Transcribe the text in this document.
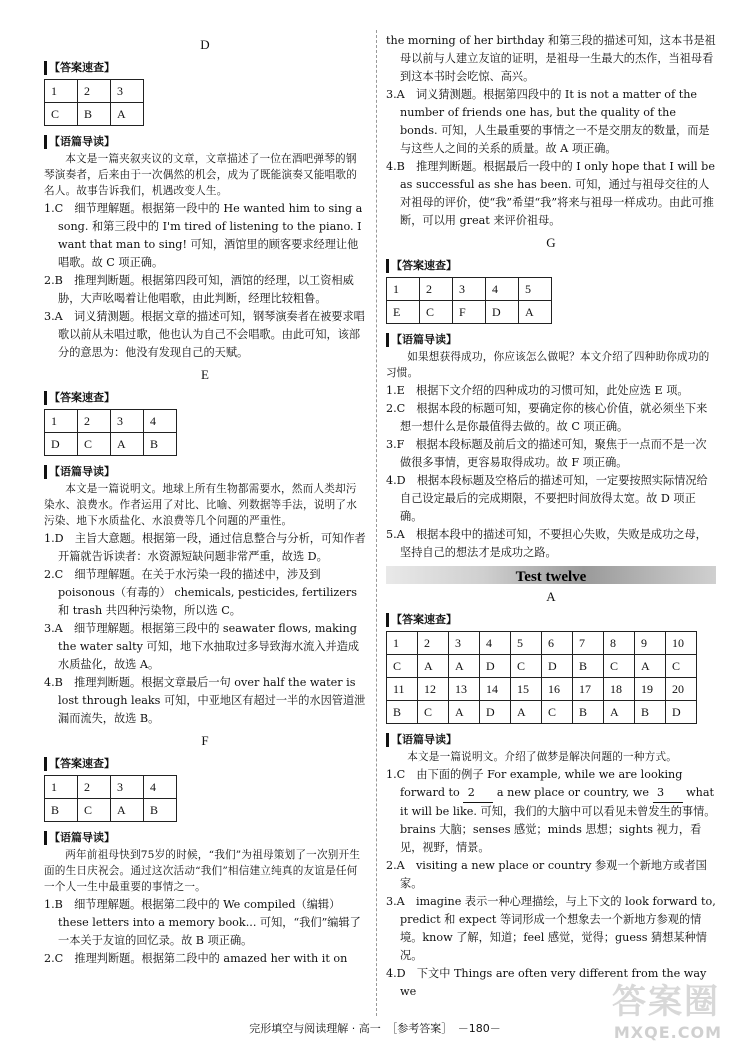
D
【答案速查】
1	2	3
C	B	A
【语篇导读】

本文是一篇夹叙夹议的文章，文章描述了一位在酒吧弹琴的钢琴演奏者，后来由于一次偶然的机会，成为了既能演奏又能唱歌的名人。故事告诉我们，机遇改变人生。

1.C　细节理解题。根据第一段中的 He wanted him to sing a song. 和第三段中的 I'm tired of listening to the piano. I want that man to sing! 可知，酒馆里的顾客要求经理让他唱歌。故 C 项正确。

2.B　推理判断题。根据第四段可知，酒馆的经理，以工资相威胁，大声吆喝着让他唱歌，由此判断，经理比较粗鲁。

3.A　词义猜测题。根据文章的描述可知，钢琴演奏者在被要求唱歌以前从未唱过歌，他也认为自己不会唱歌。由此可知，该部分的意思为：他没有发现自己的天赋。

E
【答案速查】
1	2	3	4
D	C	A	B
【语篇导读】

本文是一篇说明文。地球上所有生物都需要水，然而人类却污染水、浪费水。作者运用了对比、比喻、列数据等手法，说明了水污染、地下水质盐化、水浪费等几个问题的严重性。

1.D　主旨大意题。根据第一段，通过信息整合与分析，可知作者开篇就告诉读者：水资源短缺问题非常严重，故选 D。

2.C　细节理解题。在关于水污染一段的描述中，涉及到 poisonous（有毒的） chemicals, pesticides, fertilizers 和 trash 共四种污染物，所以选 C。

3.A　细节理解题。根据第三段中的 seawater flows, making the water salty 可知，地下水抽取过多导致海水流入并造成水质盐化，故选 A。

4.B　推理判断题。根据文章最后一句 over half the water is lost through leaks 可知，中亚地区有超过一半的水因管道泄漏而流失，故选 B。

F
【答案速查】
1	2	3	4
B	C	A	B
【语篇导读】

两年前祖母快到75岁的时候，“我们”为祖母策划了一次别开生面的生日庆祝会。通过这次活动“我们”相信建立纯真的友谊是任何一个人一生中最重要的事情之一。

1.B　细节理解题。根据第二段中的 We compiled（编辑） these letters into a memory book... 可知，“我们”编辑了一本关于友谊的回忆录。故 B 项正确。

2.C　推理判断题。根据第二段中的 amazed her with it on

the morning of her birthday 和第三段的描述可知，这本书是祖母以前与人建立友谊的证明，是祖母一生最大的杰作，当祖母看到这本书时会吃惊、高兴。

3.A　词义猜测题。根据第四段中的 It is not a matter of the number of friends one has, but the quality of the bonds. 可知，人生最重要的事情之一不是交朋友的数量，而是与这些人之间的关系的质量。故 A 项正确。

4.B　推理判断题。根据最后一段中的 I only hope that I will be as successful as she has been. 可知，通过与祖母交往的人对祖母的评价，使“我”希望“我”将来与祖母一样成功。由此可推断，可以用 great 来评价祖母。

G
【答案速查】
1	2	3	4	5
E	C	F	D	A
【语篇导读】

如果想获得成功，你应该怎么做呢？本文介绍了四种助你成功的习惯。

1.E　根据下文介绍的四种成功的习惯可知，此处应选 E 项。

2.C　根据本段的标题可知，要确定你的核心价值，就必须坐下来想一想什么是你最值得去做的。故 C 项正确。

3.F　根据本段标题及前后文的描述可知，聚焦于一点而不是一次做很多事情，更容易取得成功。故 F 项正确。

4.D　根据本段标题及空格后的描述可知，一定要按照实际情况给自己设定最后的完成期限，不要把时间放得太宽。故 D 项正确。

5.A　根据本段中的描述可知，不要担心失败，失败是成功之母，坚持自己的想法才是成功之路。

Test twelve
A
【答案速查】
1	2	3	4	5	6	7	8	9	10
C	A	A	D	C	D	B	C	A	C
11	12	13	14	15	16	17	18	19	20
B	C	A	D	A	C	B	A	B	D
【语篇导读】

本文是一篇说明文。介绍了做梦是解决问题的一种方式。

1.C　由下面的例子 For example, while we are looking forward to 2 a new place or country, we 3 what it will be like. 可知，我们的大脑中可以看见未曾发生的事情。brains 大脑；senses 感觉；minds 思想；sights 视力，看见，视野，情景。

2.A　visiting a new place or country 参观一个新地方或者国家。

3.A　imagine 表示一种心理描绘，与上下文的 look forward to, predict 和 expect 等词形成一个想象去一个新地方参观的情境。know 了解，知道；feel 感觉，觉得；guess 猜想某种情况。

4.D　下文中 Things are often very different from the way we

完形填空与阅读理解 · 高一　［参考答案］　－180－
答案圈
MXQE.COM
